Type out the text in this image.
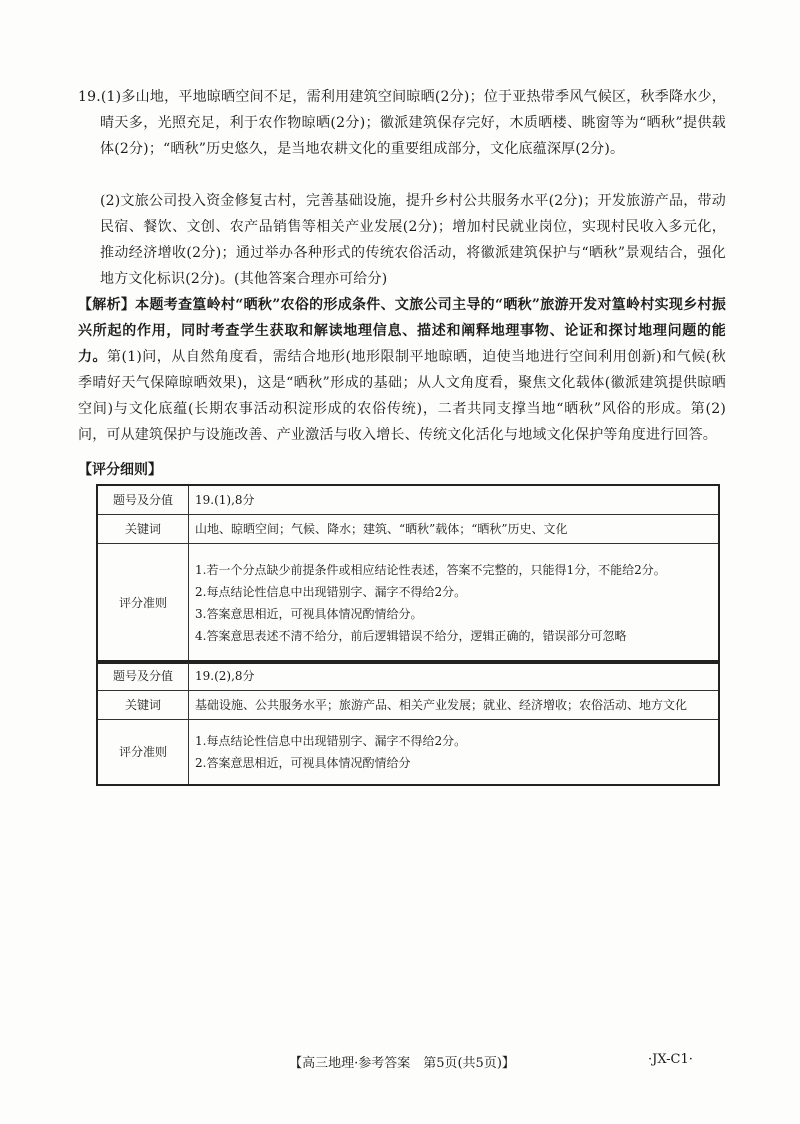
19.(1)多山地，平地晾晒空间不足，需利用建筑空间晾晒(2分)；位于亚热带季风气候区，秋季降水少，晴天多，光照充足，利于农作物晾晒(2分)；徽派建筑保存完好，木质晒楼、眺窗等为“晒秋”提供载体(2分)；“晒秋”历史悠久，是当地农耕文化的重要组成部分，文化底蕴深厚(2分)。

(2)文旅公司投入资金修复古村，完善基础设施，提升乡村公共服务水平(2分)；开发旅游产品，带动民宿、餐饮、文创、农产品销售等相关产业发展(2分)；增加村民就业岗位，实现村民收入多元化，推动经济增收(2分)；通过举办各种形式的传统农俗活动，将徽派建筑保护与“晒秋”景观结合，强化地方文化标识(2分)。(其他答案合理亦可给分)

【解析】本题考查篁岭村“晒秋”农俗的形成条件、文旅公司主导的“晒秋”旅游开发对篁岭村实现乡村振兴所起的作用，同时考查学生获取和解读地理信息、描述和阐释地理事物、论证和探讨地理问题的能力。第(1)问，从自然角度看，需结合地形(地形限制平地晾晒，迫使当地进行空间利用创新)和气候(秋季晴好天气保障晾晒效果)，这是“晒秋”形成的基础；从人文角度看，聚焦文化载体(徽派建筑提供晾晒空间)与文化底蕴(长期农事活动积淀形成的农俗传统)，二者共同支撑当地“晒秋”风俗的形成。第(2)问，可从建筑保护与设施改善、产业激活与收入增长、传统文化活化与地域文化保护等角度进行回答。

【评分细则】
题号及分值	19.(1),8分
关键词	山地、晾晒空间；气候、降水；建筑、“晒秋”载体；“晒秋”历史、文化
评分准则	1.若一个分点缺少前提条件或相应结论性表述，答案不完整的，只能得1分，不能给2分。
2.每点结论性信息中出现错别字、漏字不得给2分。
3.答案意思相近，可视具体情况酌情给分。
4.答案意思表述不清不给分，前后逻辑错误不给分，逻辑正确的，错误部分可忽略
题号及分值	19.(2),8分
关键词	基础设施、公共服务水平；旅游产品、相关产业发展；就业、经济增收；农俗活动、地方文化
评分准则	1.每点结论性信息中出现错别字、漏字不得给2分。
2.答案意思相近，可视具体情况酌情给分
【高三地理·参考答案　第5页(共5页)】	·JX-C1·
